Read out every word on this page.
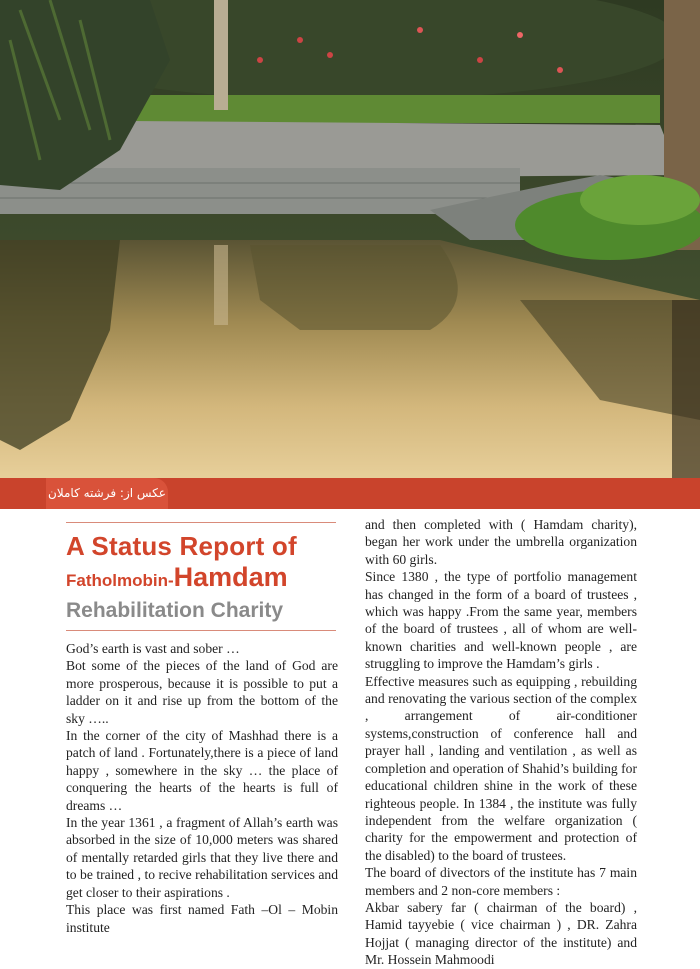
عکس از: فرشته کاملان
A Status Report of
Fatholmobin-Hamdam
Rehabilitation Charity

God’s earth is vast and sober …

Bot some of the pieces of the land of God are more prosperous, because it is possible to put a ladder on it and rise up from the bottom of the sky …..

In the corner of the city of Mashhad there is a patch of land . Fortunately,there is a piece of land happy , somewhere in the sky … the place of conquering the hearts of the hearts is full of dreams …

In the year 1361 , a fragment of Allah’s earth was absorbed in the size of 10,000 meters was shared of mentally retarded girls that they live there and to be trained , to recive rehabilitation services and get closer to their aspirations .

This place was first named Fath –Ol – Mobin institute

and then completed with ( Hamdam charity), began her work under the umbrella organization with 60 girls.

Since 1380 , the type of portfolio management has changed in the form of a board of trustees , which was happy .From the same year, members of the board of trustees , all of whom are well-known charities and well-known people , are struggling to improve the Hamdam’s girls .

Effective measures such as equipping , rebuilding and renovating the various section of the complex , arrangement of air-conditioner systems,construction of conference hall and prayer hall , landing and ventilation , as well as completion and operation of Shahid’s building for educational children shine in the work of these righteous people. In 1384 , the institute was fully independent from the welfare organization ( charity for the empowerment and protection of the disabled) to the board of trustees.

The board of divectors of the institute has 7 main members and 2 non-core members :

Akbar sabery far ( chairman of the board) , Hamid tayyebie ( vice chairman ) , DR. Zahra Hojjat ( managing director of the institute) and Mr. Hossein Mahmoodi
